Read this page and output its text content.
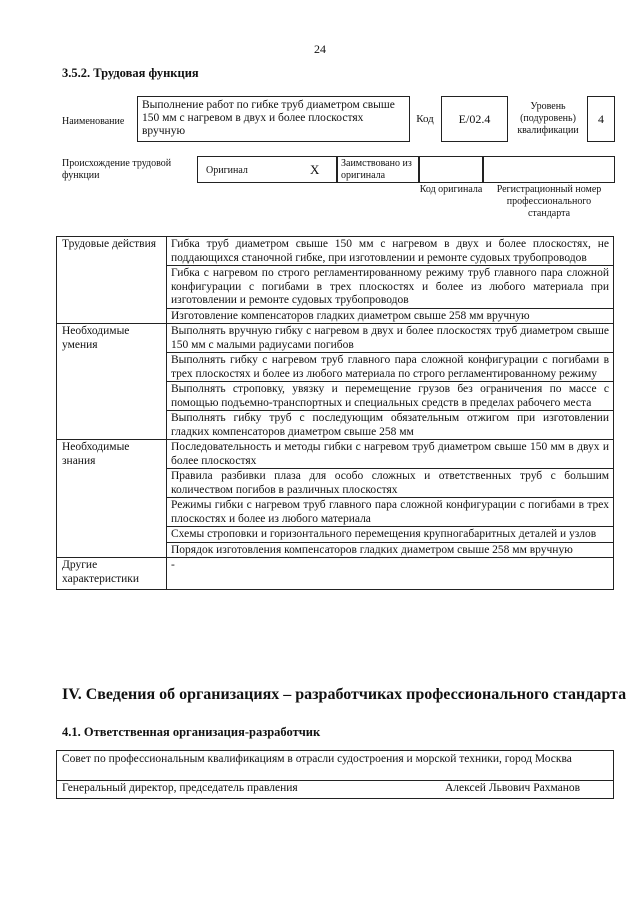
24
3.5.2. Трудовая функция
Наименование
Выполнение работ по гибке труб диаметром свыше 150 мм с нагревом в двух и более плоскостях вручную
Код	E/02.4
Уровень (подуровень) квалификации
4
Происхождение трудовой функции	Оригинал	X	Заимствовано из оригинала
Код оригинала	Регистрационный номер профессионального стандарта
Трудовые действия	Гибка труб диаметром свыше 150 мм с нагревом в двух и более плоскостях, не поддающихся станочной гибке, при изготовлении и ремонте судовых трубопроводов
	Гибка с нагревом по строго регламентированному режиму труб главного пара сложной конфигурации с погибами в трех плоскостях и более из любого материала при изготовлении и ремонте судовых трубопроводов
	Изготовление компенсаторов гладких диаметром свыше 258 мм вручную
Необходимые умения	Выполнять вручную гибку с нагревом в двух и более плоскостях труб диаметром свыше 150 мм с малыми радиусами погибов
	Выполнять гибку с нагревом труб главного пара сложной конфигурации с погибами в трех плоскостях и более из любого материала по строго регламентированному режиму
	Выполнять строповку, увязку и перемещение грузов без ограничения по массе с помощью подъемно-транспортных и специальных средств в пределах рабочего места
	Выполнять гибку труб с последующим обязательным отжигом при изготовлении гладких компенсаторов диаметром свыше 258 мм
Необходимые знания	Последовательность и методы гибки с нагревом труб диаметром свыше 150 мм в двух и более плоскостях
	Правила разбивки плаза для особо сложных и ответственных труб с большим количеством погибов в различных плоскостях
	Режимы гибки с нагревом труб главного пара сложной конфигурации с погибами в трех плоскостях и более из любого материала
	Схемы строповки и горизонтального перемещения крупногабаритных деталей и узлов
	Порядок изготовления компенсаторов гладких диаметром свыше 258 мм вручную
Другие характеристики	-
IV. Сведения об организациях – разработчиках профессионального стандарта
4.1. Ответственная организация-разработчик
Совет по профессиональным квалификациям в отрасли судостроения и морской техники, город Москва
Генеральный директор, председатель правления	Алексей Львович Рахманов
